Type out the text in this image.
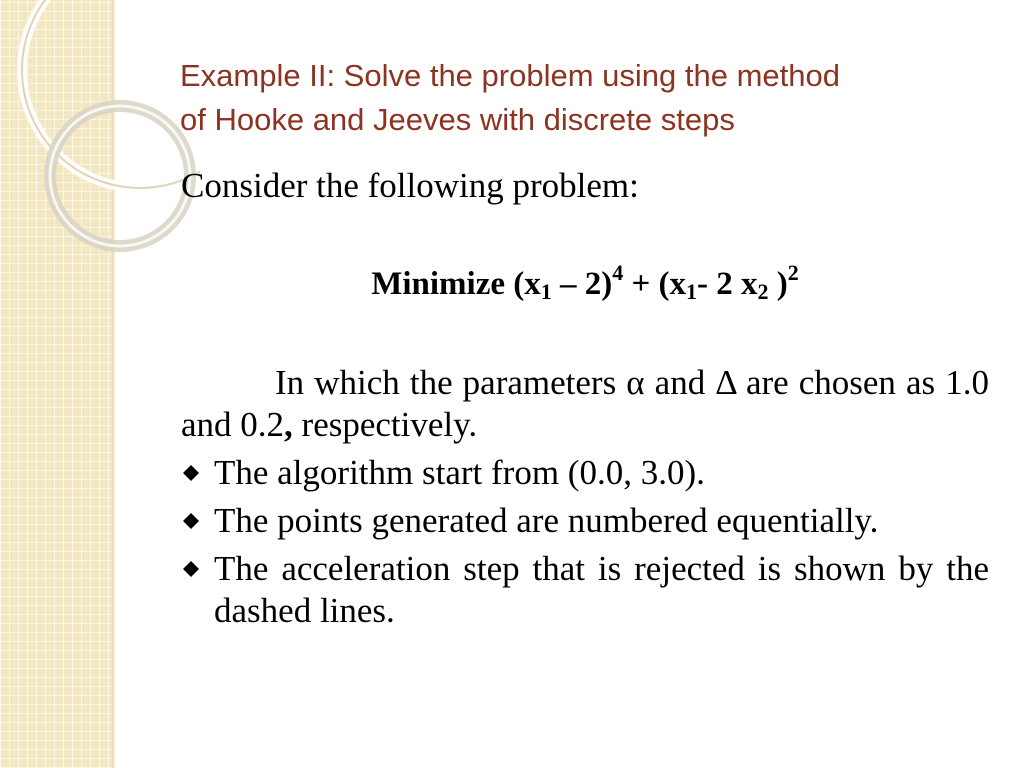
Example II: Solve the problem using the method
of Hooke and Jeeves with discrete steps

Consider the following problem:

Minimize $(x_1 - 2)^4 + (x_1-$ 2 $x_2$ )$^2$

In which the parameters α and Δ are chosen as 1.0 and 0.2, respectively.

The algorithm start from (0.0, 3.0).
The points generated are numbered equentially.
The acceleration step that is rejected is shown by the dashed lines.
